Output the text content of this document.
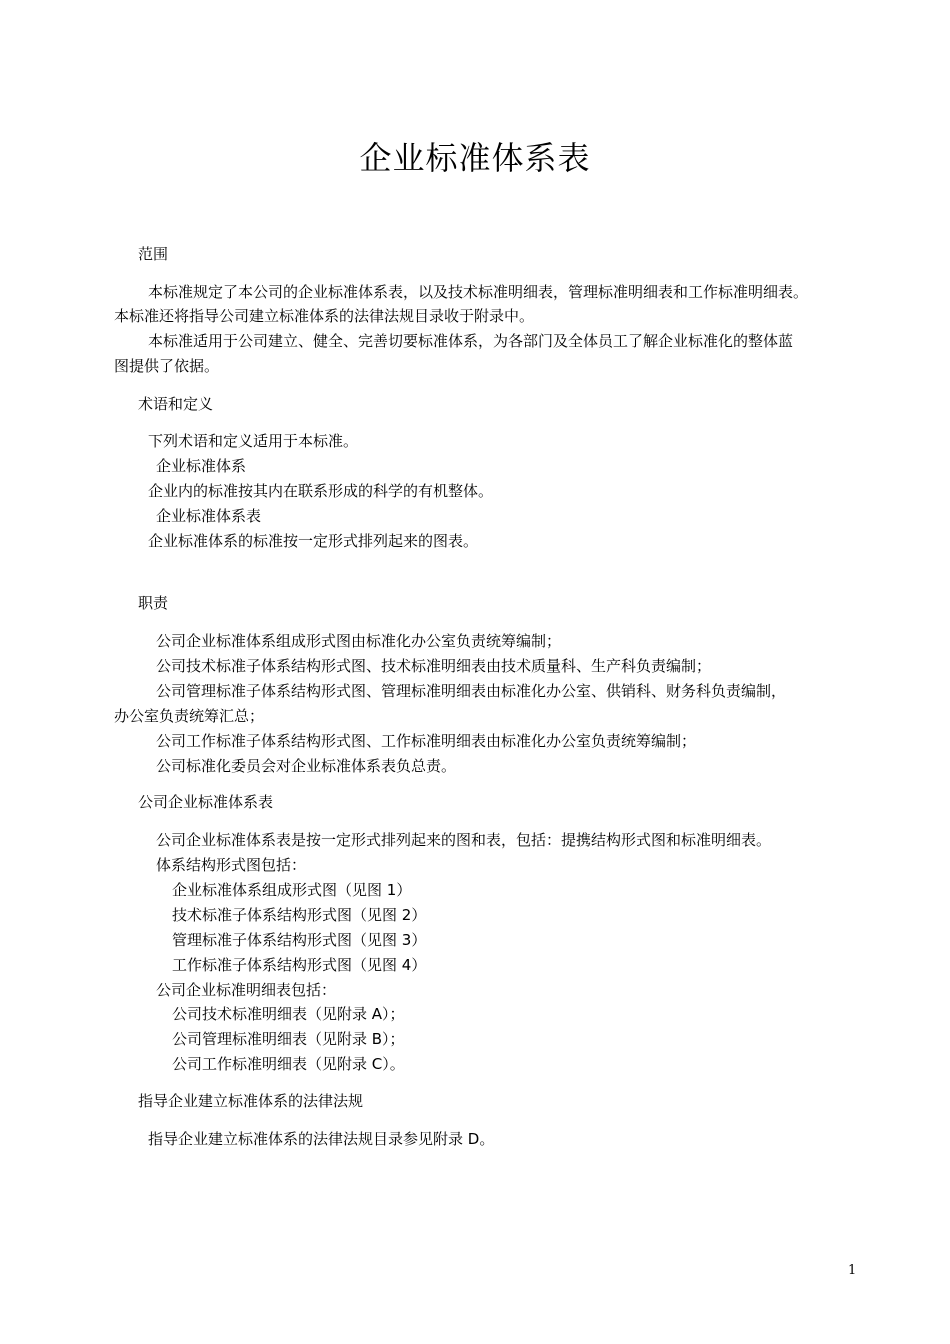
企业标准体系表
范围
本标准规定了本公司的企业标准体系表，以及技术标准明细表，管理标准明细表和工作标准明细表。
本标准还将指导公司建立标准体系的法律法规目录收于附录中。
本标准适用于公司建立、健全、完善切要标准体系，为各部门及全体员工了解企业标准化的整体蓝
图提供了依据。
术语和定义
下列术语和定义适用于本标准。
企业标准体系
企业内的标准按其内在联系形成的科学的有机整体。
企业标准体系表
企业标准体系的标准按一定形式排列起来的图表。
职责
公司企业标准体系组成形式图由标准化办公室负责统筹编制；
公司技术标准子体系结构形式图、技术标准明细表由技术质量科、生产科负责编制；
公司管理标准子体系结构形式图、管理标准明细表由标准化办公室、供销科、财务科负责编制，
办公室负责统筹汇总；
公司工作标准子体系结构形式图、工作标准明细表由标准化办公室负责统筹编制；
公司标准化委员会对企业标准体系表负总责。
公司企业标准体系表
公司企业标准体系表是按一定形式排列起来的图和表，包括：提携结构形式图和标准明细表。
体系结构形式图包括：
企业标准体系组成形式图（见图 1）
技术标准子体系结构形式图（见图 2）
管理标准子体系结构形式图（见图 3）
工作标准子体系结构形式图（见图 4）
公司企业标准明细表包括：
公司技术标准明细表（见附录 A）；
公司管理标准明细表（见附录 B）；
公司工作标准明细表（见附录 C）。
指导企业建立标准体系的法律法规
指导企业建立标准体系的法律法规目录参见附录 D。
1
